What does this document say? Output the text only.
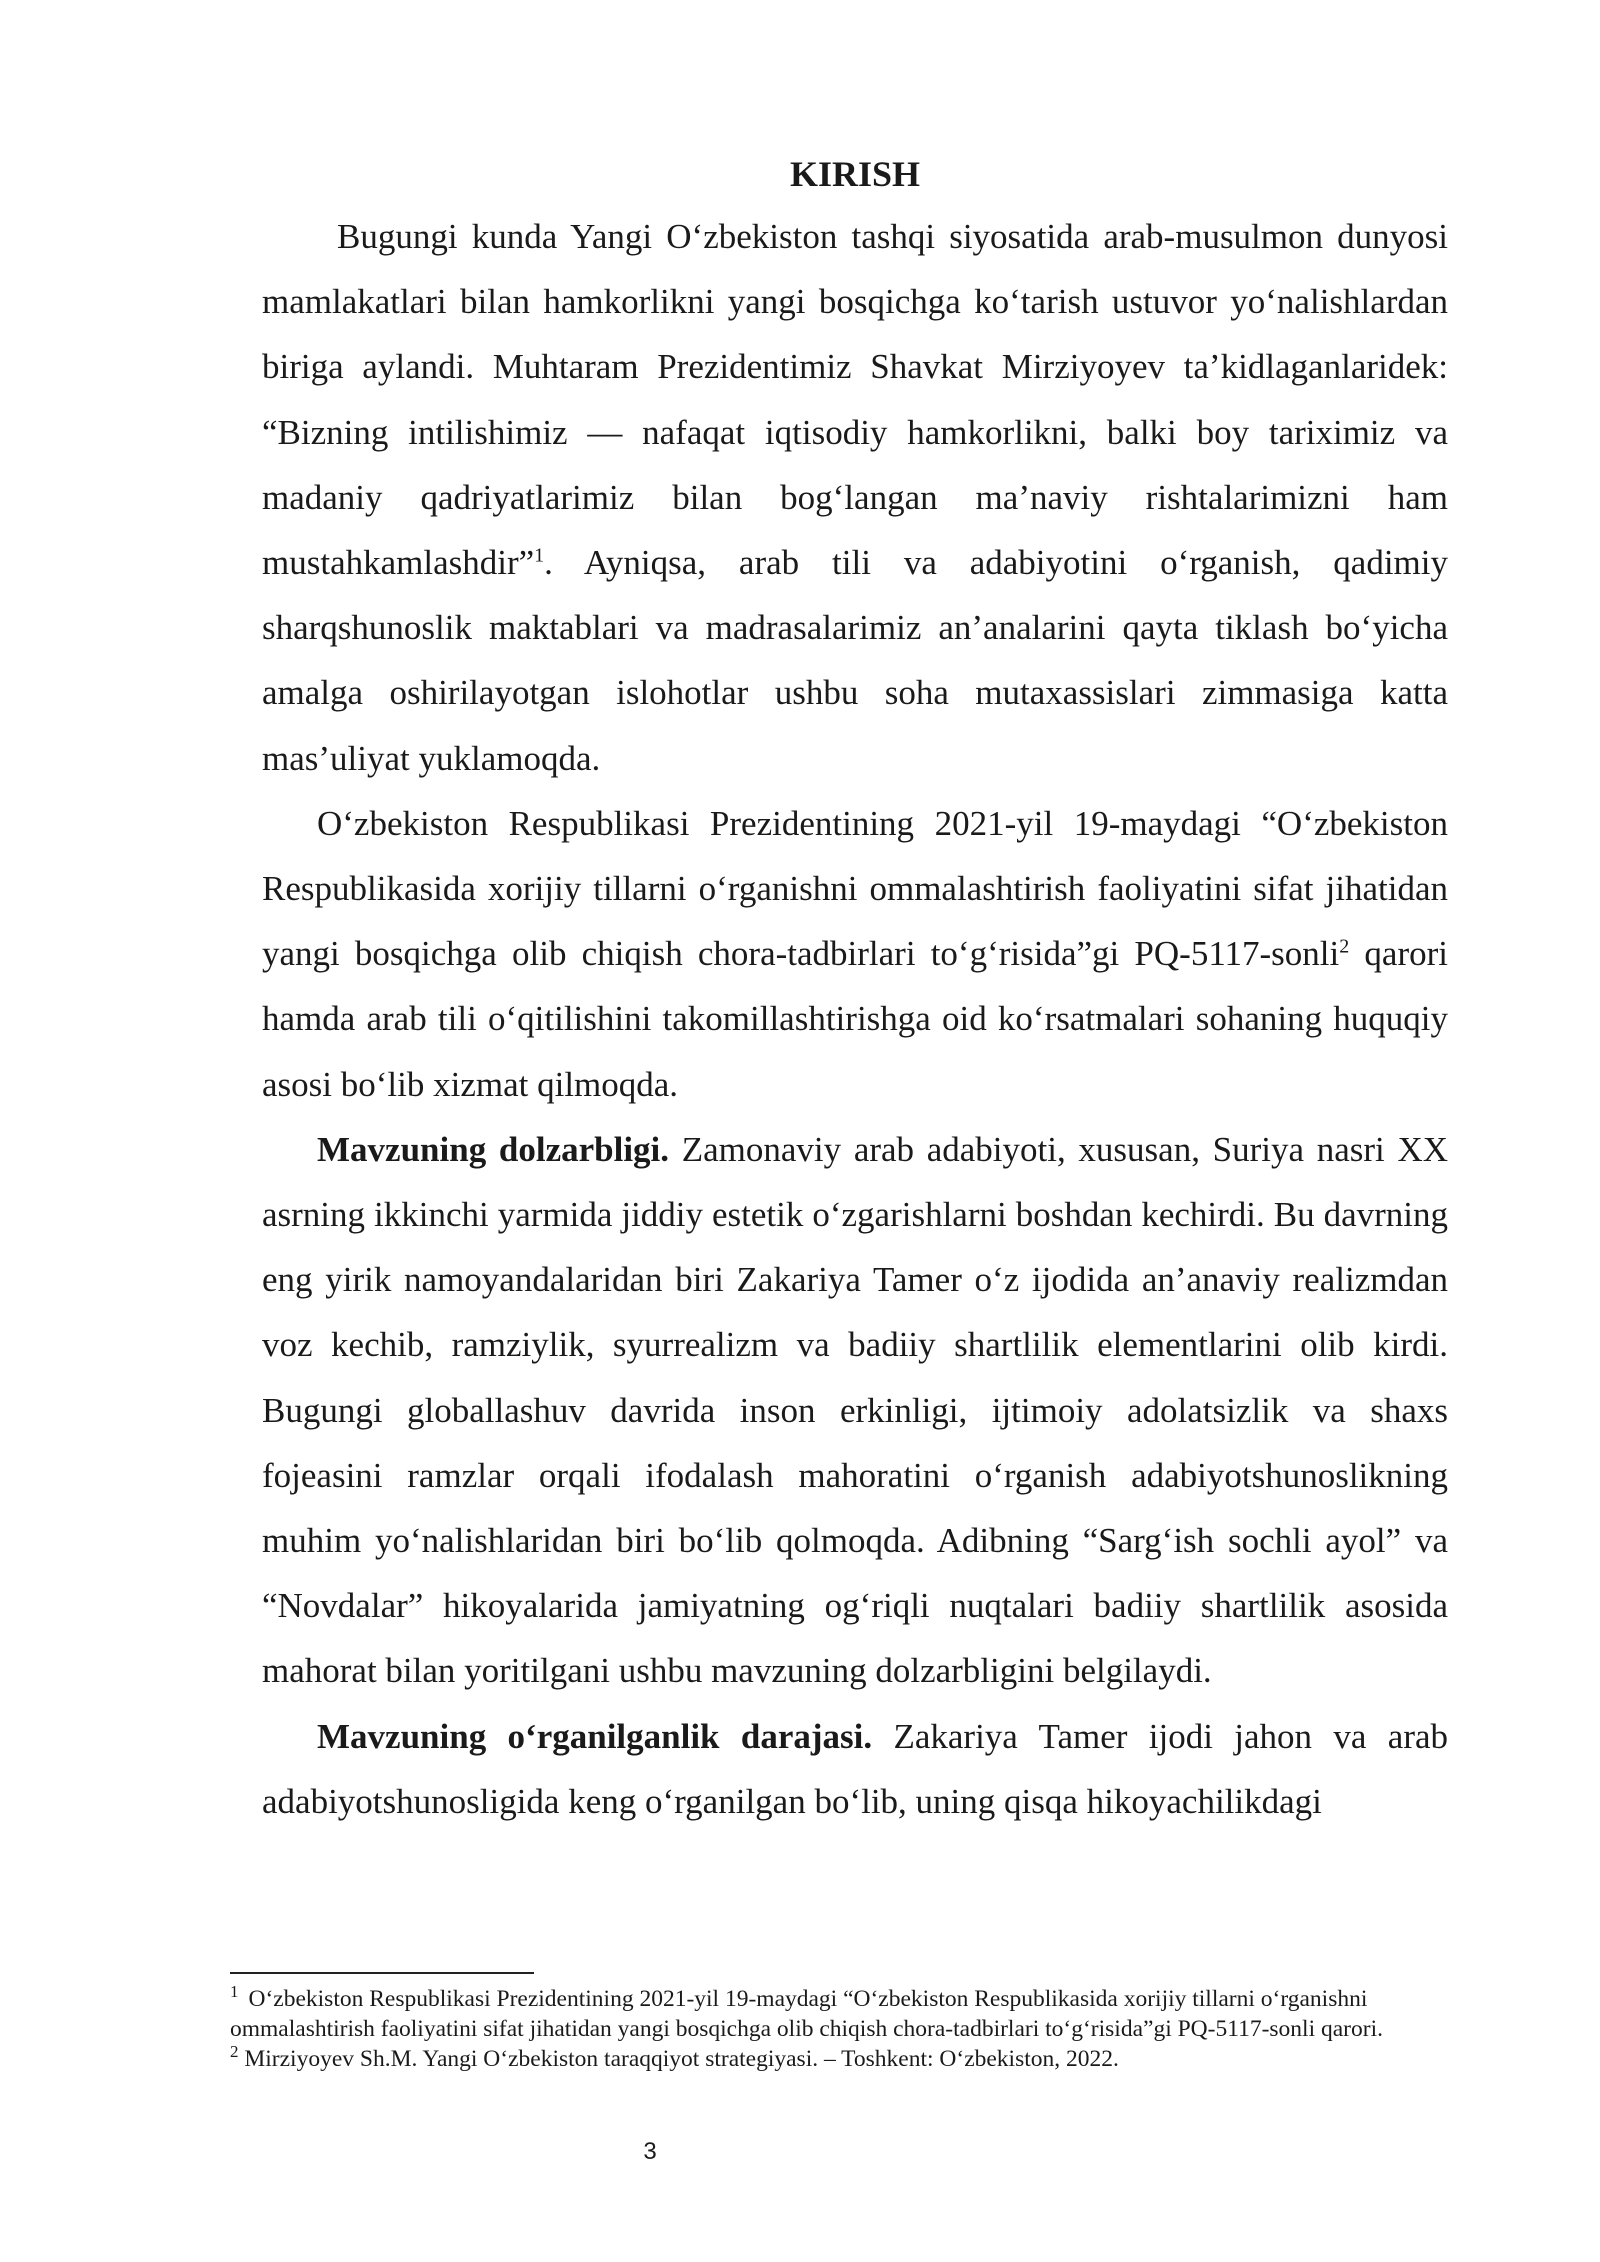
KIRISH

Bugungi kunda Yangi O‘zbekiston tashqi siyosatida arab-musulmon dunyosi mamlakatlari bilan hamkorlikni yangi bosqichga ko‘tarish ustuvor yo‘nalishlardan biriga aylandi. Muhtaram Prezidentimiz Shavkat Mirziyoyev ta’kidlaganlaridek: “Bizning intilishimiz — nafaqat iqtisodiy hamkorlikni, balki boy tariximiz va madaniy qadriyatlarimiz bilan bog‘langan ma’naviy rishtalarimizni ham mustahkamlashdir”$^1$. Ayniqsa, arab tili va adabiyotini o‘rganish, qadimiy sharqshunoslik maktablari va madrasalarimiz an’analarini qayta tiklash bo‘yicha amalga oshirilayotgan islohotlar ushbu soha mutaxassislari zimmasiga katta mas’uliyat yuklamoqda.

O‘zbekiston Respublikasi Prezidentining 2021-yil 19-maydagi “O‘zbekiston Respublikasida xorijiy tillarni o‘rganishni ommalashtirish faoliyatini sifat jihatidan yangi bosqichga olib chiqish chora-tadbirlari to‘g‘risida”gi PQ-5117-sonli$^2$ qarori hamda arab tili o‘qitilishini takomillashtirishga oid ko‘rsatmalari sohaning huquqiy asosi bo‘lib xizmat qilmoqda.

Mavzuning dolzarbligi. Zamonaviy arab adabiyoti, xususan, Suriya nasri XX asrning ikkinchi yarmida jiddiy estetik o‘zgarishlarni boshdan kechirdi. Bu davrning eng yirik namoyandalaridan biri Zakariya Tamer o‘z ijodida an’anaviy realizmdan voz kechib, ramziylik, syurrealizm va badiiy shartlilik elementlarini olib kirdi. Bugungi globallashuv davrida inson erkinligi, ijtimoiy adolatsizlik va shaxs fojeasini ramzlar orqali ifodalash mahoratini o‘rganish adabiyotshunoslikning muhim yo‘nalishlaridan biri bo‘lib qolmoqda. Adibning “Sarg‘ish sochli ayol” va “Novdalar” hikoyalarida jamiyatning og‘riqli nuqtalari badiiy shartlilik asosida mahorat bilan yoritilgani ushbu mavzuning dolzarbligini belgilaydi.

Mavzuning o‘rganilganlik darajasi. Zakariya Tamer ijodi jahon va arab adabiyotshunosligida keng o‘rganilgan bo‘lib, uning qisqa hikoyachilikdagi

$^1$ O‘zbekiston Respublikasi Prezidentining 2021-yil 19-maydagi “O‘zbekiston Respublikasida xorijiy tillarni o‘rganishni ommalashtirish faoliyatini sifat jihatidan yangi bosqichga olib chiqish chora-tadbirlari to‘g‘risida”gi PQ-5117-sonli qarori.

$^2$ Mirziyoyev Sh.M. Yangi O‘zbekiston taraqqiyot strategiyasi. – Toshkent: O‘zbekiston, 2022.

3
